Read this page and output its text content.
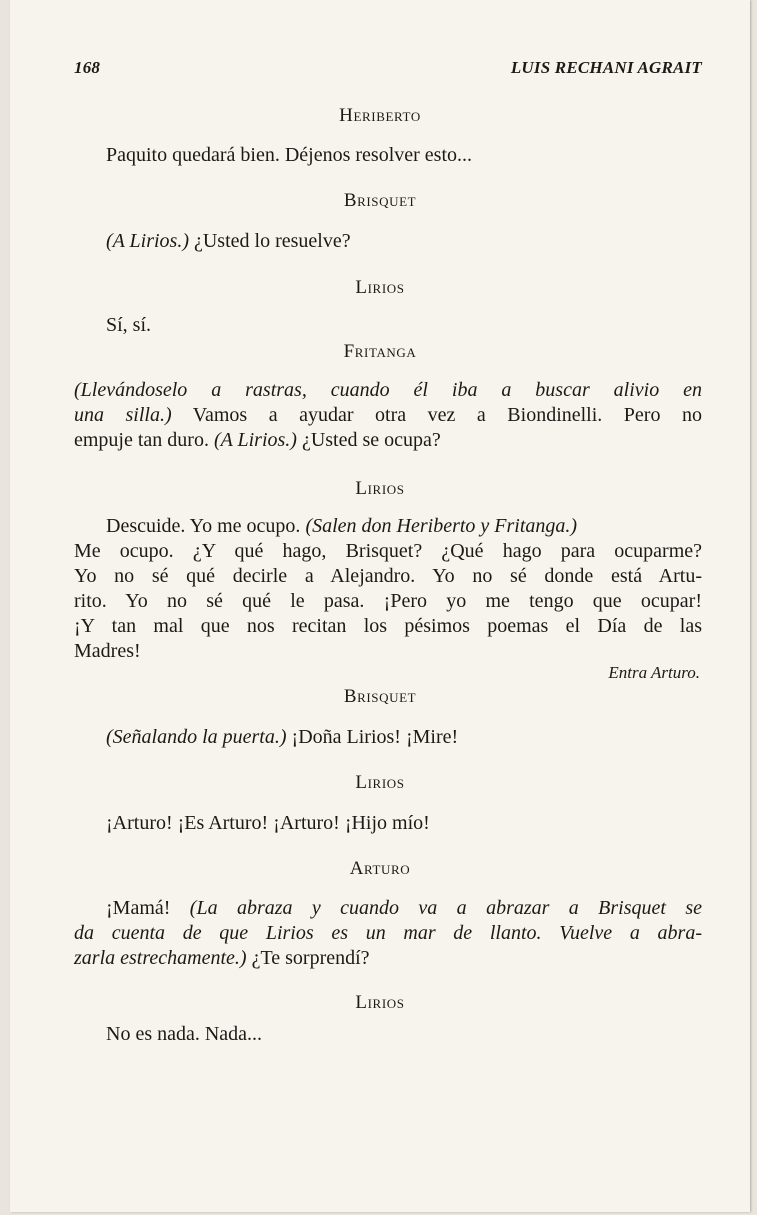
168	LUIS RECHANI AGRAIT
Heriberto
Paquito quedará bien. Déjenos resolver esto...
Brisquet
(A Lirios.) ¿Usted lo resuelve?
Lirios
Sí, sí.
Fritanga
(Llevándoselo a rastras, cuando él iba a buscar alivio en
una silla.) Vamos a ayudar otra vez a Biondinelli. Pero no
empuje tan duro. (A Lirios.) ¿Usted se ocupa?
Lirios
Descuide. Yo me ocupo. (Salen don Heriberto y Fritanga.)
Me ocupo. ¿Y qué hago, Brisquet? ¿Qué hago para ocuparme?
Yo no sé qué decirle a Alejandro. Yo no sé donde está Artu-
rito. Yo no sé qué le pasa. ¡Pero yo me tengo que ocupar!
¡Y tan mal que nos recitan los pésimos poemas el Día de las
Madres!
Entra Arturo.
Brisquet
(Señalando la puerta.) ¡Doña Lirios! ¡Mire!
Lirios
¡Arturo! ¡Es Arturo! ¡Arturo! ¡Hijo mío!
Arturo
¡Mamá! (La abraza y cuando va a abrazar a Brisquet se
da cuenta de que Lirios es un mar de llanto. Vuelve a abra-
zarla estrechamente.) ¿Te sorprendí?
Lirios
No es nada. Nada...
